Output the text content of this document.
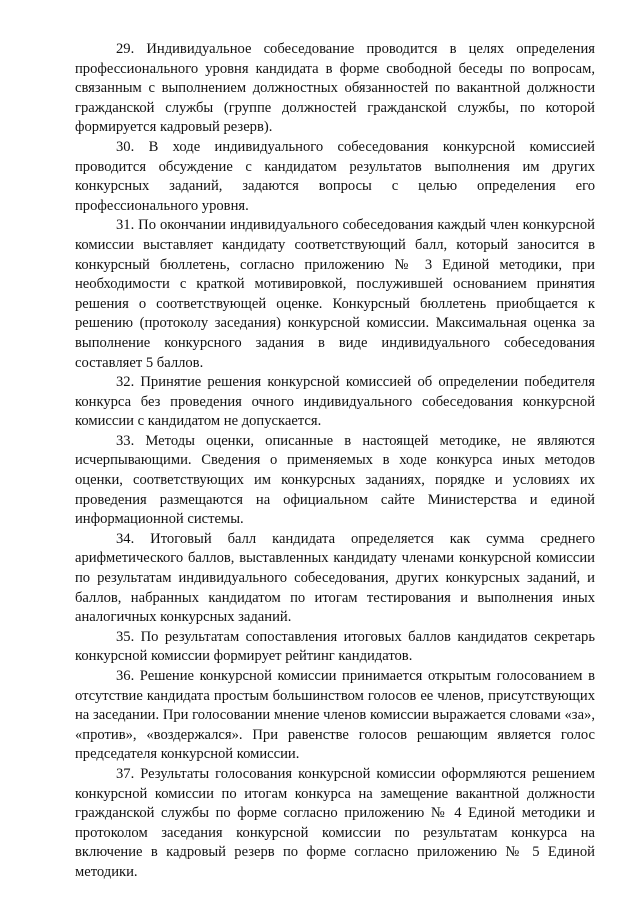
29. Индивидуальное собеседование проводится в целях определения профессионального уровня кандидата в форме свободной беседы по вопросам, связанным с выполнением должностных обязанностей по вакантной должности гражданской службы (группе должностей гражданской службы, по которой формируется кадровый резерв).

30. В ходе индивидуального собеседования конкурсной комиссией проводится обсуждение с кандидатом результатов выполнения им других конкурсных заданий, задаются вопросы с целью определения его профессионального уровня.

31. По окончании индивидуального собеседования каждый член конкурсной комиссии выставляет кандидату соответствующий балл, который заносится в конкурсный бюллетень, согласно приложению № 3 Единой методики, при необходимости с краткой мотивировкой, послужившей основанием принятия решения о соответствующей оценке. Конкурсный бюллетень приобщается к решению (протоколу заседания) конкурсной комиссии. Максимальная оценка за выполнение конкурсного задания в виде индивидуального собеседования составляет 5 баллов.

32. Принятие решения конкурсной комиссией об определении победителя конкурса без проведения очного индивидуального собеседования конкурсной комиссии с кандидатом не допускается.

33. Методы оценки, описанные в настоящей методике, не являются исчерпывающими. Сведения о применяемых в ходе конкурса иных методов оценки, соответствующих им конкурсных заданиях, порядке и условиях их проведения размещаются на официальном сайте Министерства и единой информационной системы.

34. Итоговый балл кандидата определяется как сумма среднего арифметического баллов, выставленных кандидату членами конкурсной комиссии по результатам индивидуального собеседования, других конкурсных заданий, и баллов, набранных кандидатом по итогам тестирования и выполнения иных аналогичных конкурсных заданий.

35. По результатам сопоставления итоговых баллов кандидатов секретарь конкурсной комиссии формирует рейтинг кандидатов.

36. Решение конкурсной комиссии принимается открытым голосованием в отсутствие кандидата простым большинством голосов ее членов, присутствующих на заседании. При голосовании мнение членов комиссии выражается словами «за», «против», «воздержался». При равенстве голосов решающим является голос председателя конкурсной комиссии.

37. Результаты голосования конкурсной комиссии оформляются решением конкурсной комиссии по итогам конкурса на замещение вакантной должности гражданской службы по форме согласно приложению № 4 Единой методики и протоколом заседания конкурсной комиссии по результатам конкурса на включение в кадровый резерв по форме согласно приложению № 5 Единой методики.
